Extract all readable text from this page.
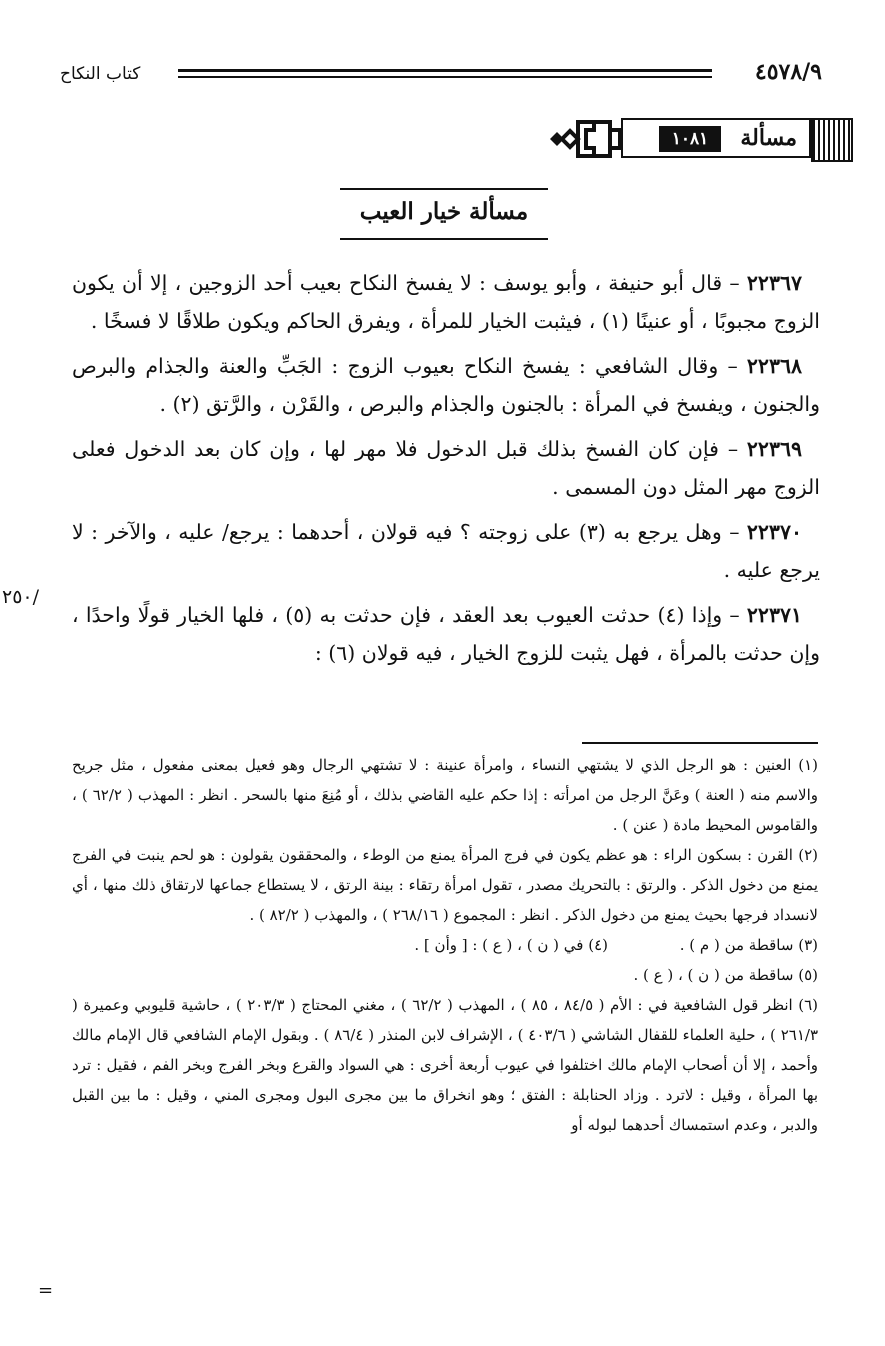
٤٥٧٨/٩
كتاب النكاح
مسألة
١٠٨١
مسألة خيار العيب

٢٢٣٦٧ – قال أبو حنيفة ، وأبو يوسف : لا يفسخ النكاح بعيب أحد الزوجين ، إلا أن يكون الزوج مجبوبًا ، أو عنينًا (١) ، فيثبت الخيار للمرأة ، ويفرق الحاكم ويكون طلاقًا لا فسخًا .

٢٢٣٦٨ – وقال الشافعي : يفسخ النكاح بعيوب الزوج : الجَبِّ والعنة والجذام والبرص والجنون ، ويفسخ في المرأة : بالجنون والجذام والبرص ، والقَرْن ، والرَّتق (٢) .

٢٢٣٦٩ – فإن كان الفسخ بذلك قبل الدخول فلا مهر لها ، وإن كان بعد الدخول فعلى الزوج مهر المثل دون المسمى .

٢٢٣٧٠ – وهل يرجع به (٣) على زوجته ؟ فيه قولان ، أحدهما : يرجع/ عليه ، والآخر : لا يرجع عليه .

٢٢٣٧١ – وإذا (٤) حدثت العيوب بعد العقد ، فإن حدثت به (٥) ، فلها الخيار قولًا واحدًا ، وإن حدثت بالمرأة ، فهل يثبت للزوج الخيار ، فيه قولان (٦) :

٢٥٠/

(١) العنين : هو الرجل الذي لا يشتهي النساء ، وامرأة عنينة : لا تشتهي الرجال وهو فعيل بمعنى مفعول ، مثل جريح والاسم منه ( العنة ) وعَنَّ الرجل من امرأته : إذا حكم عليه القاضي بذلك ، أو مُنِعَ منها بالسحر . انظر : المهذب ( ٦٢/٢ ) ، والقاموس المحيط مادة ( عنن ) .

(٢) القرن : بسكون الراء : هو عظم يكون في فرج المرأة يمنع من الوطء ، والمحققون يقولون : هو لحم ينبت في الفرج يمنع من دخول الذكر . والرتق : بالتحريك مصدر ، تقول امرأة رتقاء : بينة الرتق ، لا يستطاع جماعها لارتقاق ذلك منها ، أي لانسداد فرجها بحيث يمنع من دخول الذكر . انظر : المجموع ( ٢٦٨/١٦ ) ، والمهذب ( ٨٢/٢ ) .

(٣) ساقطة من ( م ) .
(٤) في ( ن ) ، ( ع ) : [ وأن ] .

(٥) ساقطة من ( ن ) ، ( ع ) .

(٦) انظر قول الشافعية في : الأم ( ٨٤/٥ ، ٨٥ ) ، المهذب ( ٦٢/٢ ) ، مغني المحتاج ( ٢٠٣/٣ ) ، حاشية قليوبي وعميرة ( ٢٦١/٣ ) ، حلية العلماء للقفال الشاشي ( ٤٠٣/٦ ) ، الإشراف لابن المنذر ( ٨٦/٤ ) . وبقول الإمام الشافعي قال الإمام مالك وأحمد ، إلا أن أصحاب الإمام مالك اختلفوا في عيوب أربعة أخرى : هي السواد والقرع وبخر الفرج وبخر الفم ، فقيل : ترد بها المرأة ، وقيل : لاترد . وزاد الحنابلة : الفتق ؛ وهو انخراق ما بين مجرى البول ومجرى المني ، وقيل : ما بين القبل والدبر ، وعدم استمساك أحدهما لبوله أو

=
